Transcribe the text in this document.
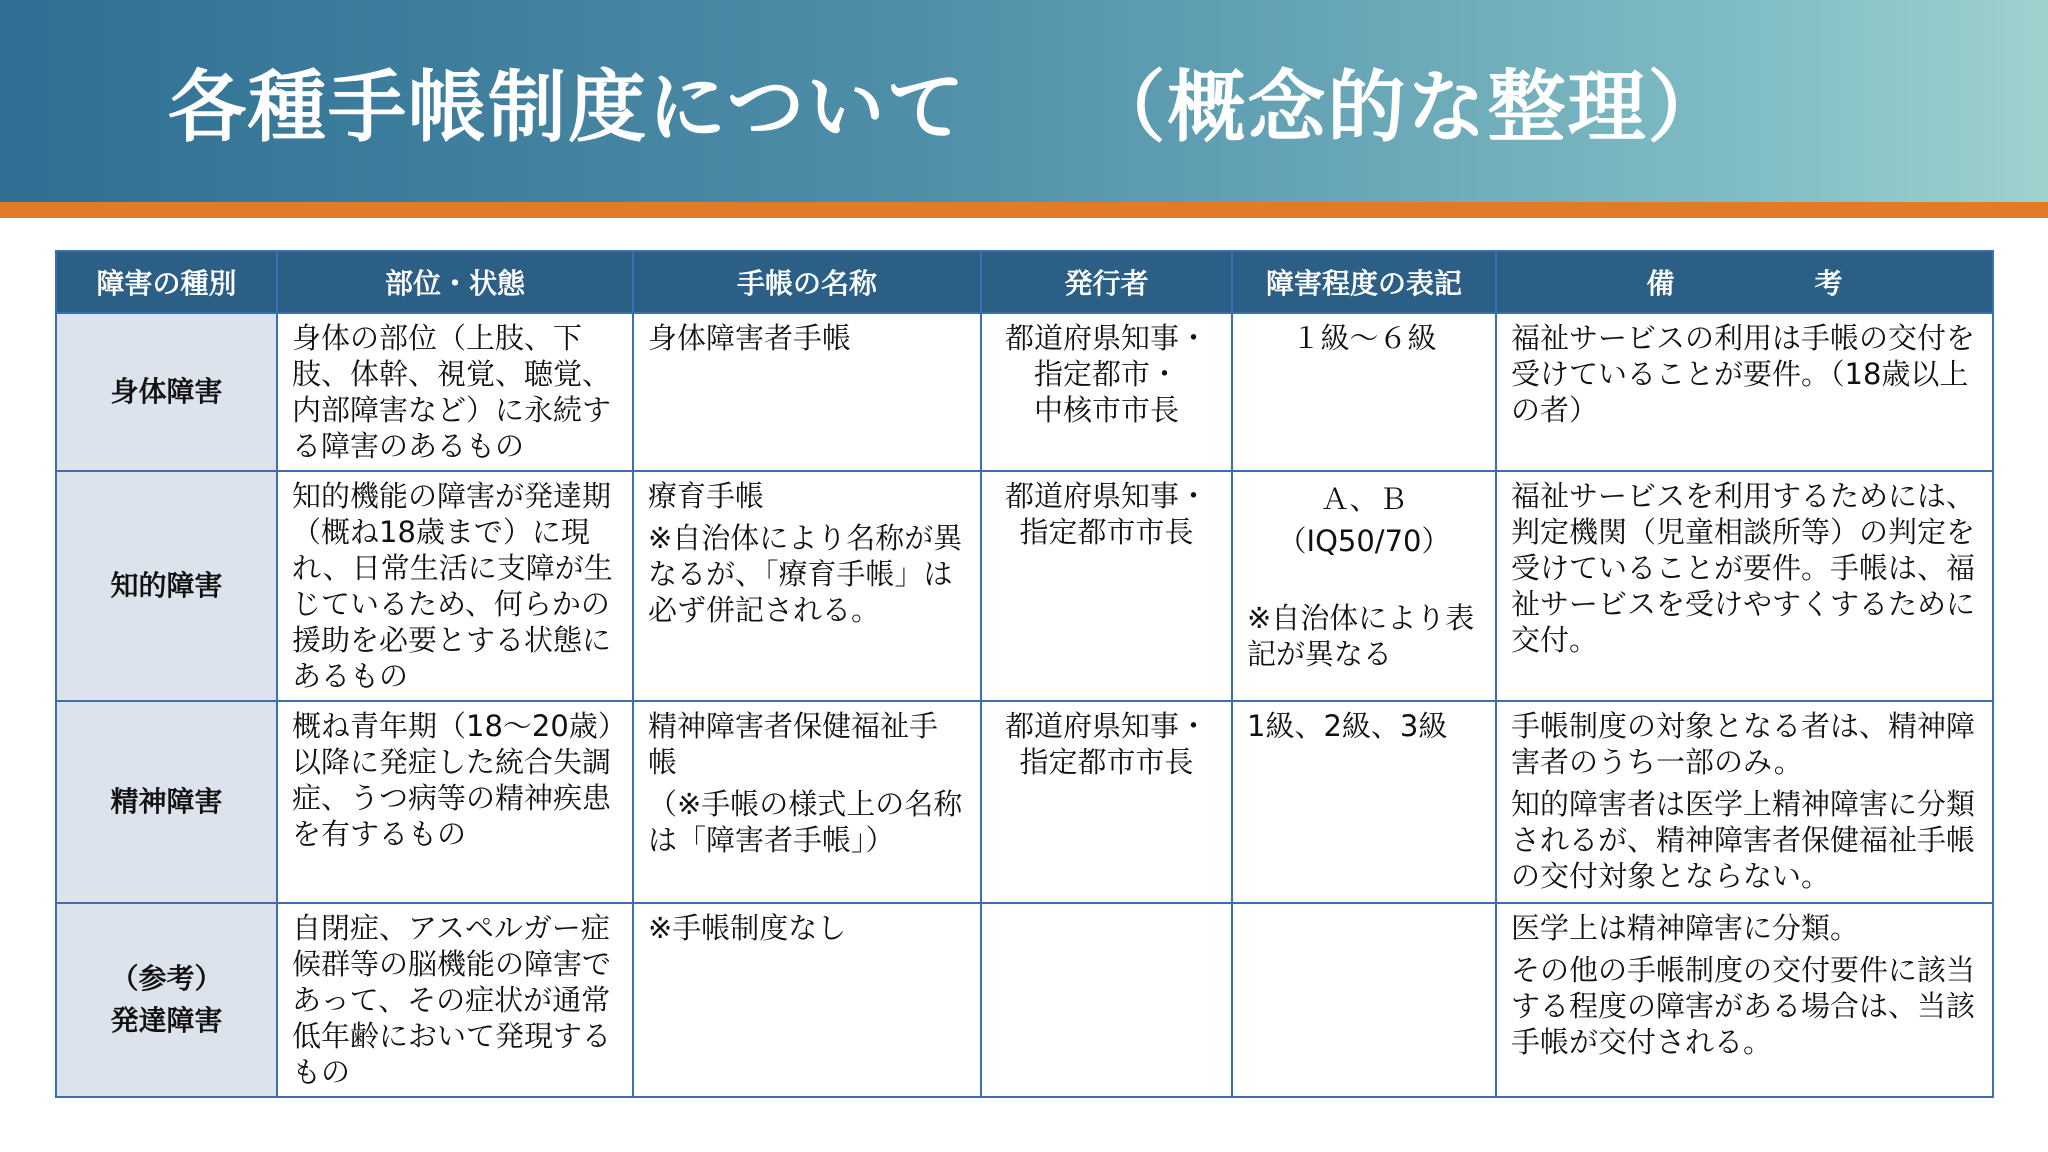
各種手帳制度について　　（概念的な整理）
障害の種別	部位・状態	手帳の名称	発行者	障害程度の表記	備　　　　　考
身体障害	身体の部位（上肢、下肢、体幹、視覚、聴覚、内部障害など）に永続する障害のあるもの	身体障害者手帳	都道府県知事・
指定都市・
中核市市長	１級～６級	福祉サービスの利用は手帳の交付を受けていることが要件。（18歳以上の者）

知的障害	知的機能の障害が発達期（概ね18歳まで）に現れ、日常生活に支障が生じているため、何らかの援助を必要とする状態にあるもの	療育手帳
※自治体により名称が異なるが、「療育手帳」は必ず併記される。	都道府県知事・
指定都市市長	Ａ、Ｂ
（IQ50/70）
※自治体により表記が異なる	福祉サービスを利用するためには、判定機関（児童相談所等）の判定を受けていることが要件。手帳は、福祉サービスを受けやすくするために交付。

精神障害	概ね青年期（18～20歳）以降に発症した統合失調症、うつ病等の精神疾患を有するもの	精神障害者保健福祉手帳
（※手帳の様式上の名称は「障害者手帳」）	都道府県知事・
指定都市市長	1級、2級、3級	手帳制度の対象となる者は、精神障害者のうち一部のみ。
知的障害者は医学上精神障害に分類されるが、精神障害者保健福祉手帳の交付対象とならない。

（参考）
発達障害	自閉症、アスペルガー症候群等の脳機能の障害であって、その症状が通常低年齢において発現するもの	※手帳制度なし			医学上は精神障害に分類。
その他の手帳制度の交付要件に該当する程度の障害がある場合は、当該手帳が交付される。
